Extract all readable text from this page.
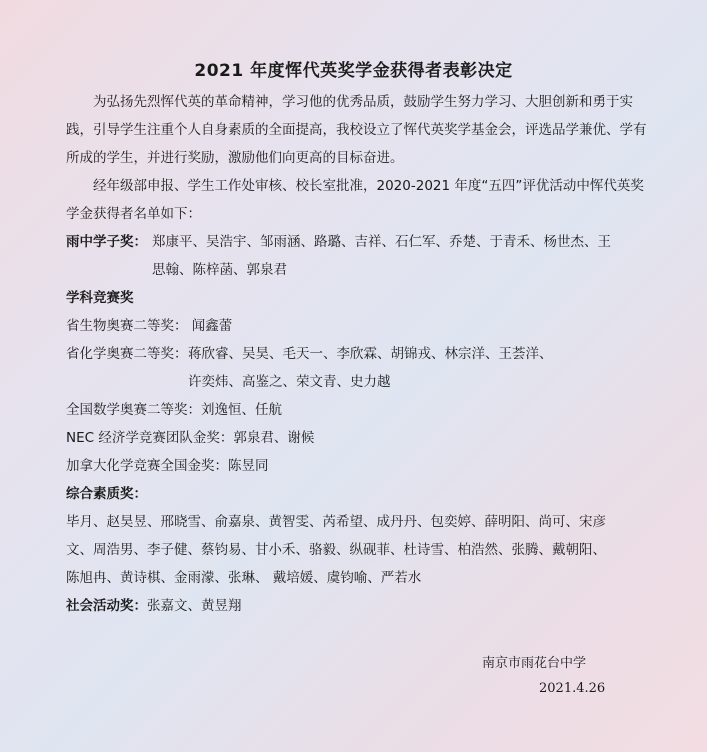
2021 年度恽代英奖学金获得者表彰决定

为弘扬先烈恽代英的革命精神，学习他的优秀品质，鼓励学生努力学习、大胆创新和勇于实践，引导学生注重个人自身素质的全面提高，我校设立了恽代英奖学基金会，评选品学兼优、学有所成的学生，并进行奖励，激励他们向更高的目标奋进。

经年级部申报、学生工作处审核、校长室批准，2020-2021 年度“五四”评优活动中恽代英奖学金获得者名单如下：

雨中学子奖： 郑康平、吴浩宇、邹雨涵、路璐、吉祥、石仁军、乔楚、于青禾、杨世杰、王
思翰、陈梓菡、郭泉君
学科竞赛奖
省生物奥赛二等奖： 闻鑫蕾
省化学奥赛二等奖： 蒋欣睿、吴昊、毛天一、李欣霖、胡锦戎、林宗洋、王荟洋、
许奕炜、高鉴之、荣文青、史力越
全国数学奥赛二等奖：刘逸恒、任航
NEC 经济学竞赛团队金奖：郭泉君、谢候
加拿大化学竞赛全国金奖：陈昱同
综合素质奖：
毕月、赵昊昱、邢晓雪、俞嘉泉、黄智雯、芮希望、成丹丹、包奕婷、薛明阳、尚可、宋彦
文、周浩男、李子健、蔡钧易、甘小禾、骆毅、纵砚菲、杜诗雪、柏浩然、张腾、戴朝阳、
陈旭冉、黄诗棋、金雨濛、张琳、 戴培媛、虞钧喻、严若水
社会活动奖：张嘉文、黄昱翔
南京市雨花台中学
2021.4.26
